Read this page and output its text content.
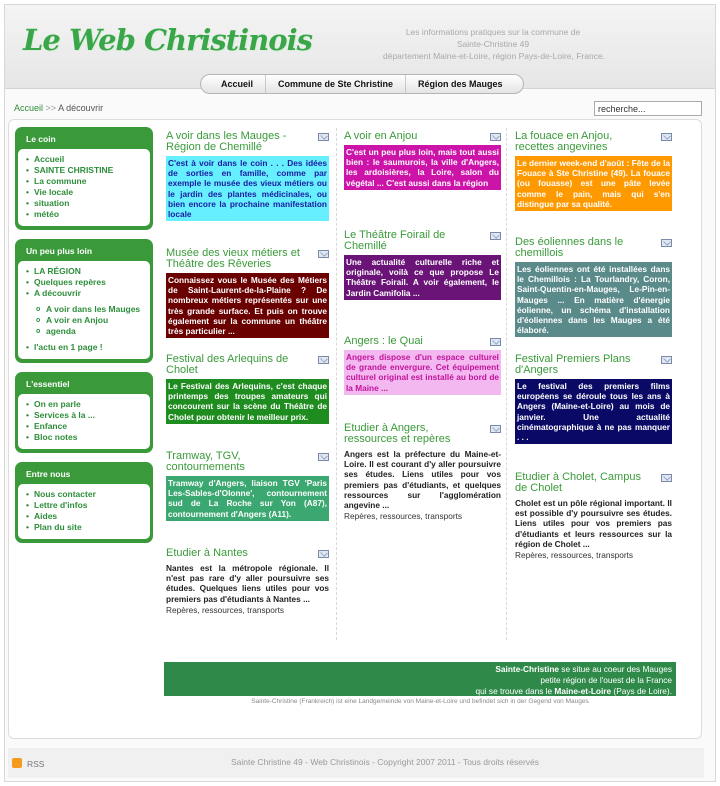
Le Web Christinois	Les informations pratiques sur la commune de
Sainte-Christine 49
département Maine-et-Loire, région Pays-de-Loire, France.
Accueil	Commune de Ste Christine	Région des Mauges
Accueil >> A découvrir
recherche...
Le coin
• Accueil
• SAINTE CHRISTINE
• La commune
• Vie locale
• situation
• météo
Un peu plus loin
• LA RÉGION
• Quelques repères
• A découvrir
o A voir dans les Mauges
o A voir en Anjou
o agenda
• l'actu en 1 page !
L'essentiel
• On en parle
• Services à la ...
• Enfance
• Bloc notes
Entre nous
• Nous contacter
• Lettre d'infos
• Aides
• Plan du site
A voir dans les Mauges - Région de Chemillé
C'est à voir dans le coin . . . Des idées de sorties en famille, comme par exemple le musée des vieux métiers ou le jardin des plantes médicinales, ou bien encore la prochaine manifestation locale
Musée des vieux métiers et Théâtre des Rêveries
Connaissez vous le Musée des Métiers de Saint-Laurent-de-la-Plaine ? De nombreux métiers représentés sur une très grande surface. Et puis on trouve également sur la commune un théâtre très particulier ...
Festival des Arlequins de Cholet
Le Festival des Arlequins, c'est chaque printemps des troupes amateurs qui concourent sur la scène du Théâtre de Cholet pour obtenir le meilleur prix.
Tramway, TGV, contournements
Tramway d'Angers, liaison TGV 'Paris Les-Sables-d'Olonne', contournement sud de La Roche sur Yon (A87), contournement d'Angers (A11).
Etudier à Nantes
Nantes est la métropole régionale. Il n'est pas rare d'y aller poursuivre ses études. Quelques liens utiles pour vos premiers pas d'étudiants à Nantes ...
Repères, ressources, transports
A voir en Anjou
C'est un peu plus loin, mais tout aussi bien : le saumurois, la ville d'Angers, les ardoisières, la Loire, salon du végétal ... C'est aussi dans la région
Le Théâtre Foirail de Chemillé
Une actualité culturelle riche et originale, voilà ce que propose Le Théâtre Foirail. A voir également, le Jardin Camifolia ...
Angers : le Quai
Angers dispose d'un espace culturel de grande envergure. Cet équipement culturel original est installé au bord de la Maine ...
Etudier à Angers, ressources et repères
Angers est la préfecture du Maine-et-Loire. Il est courant d'y aller poursuivre ses études. Liens utiles pour vos premiers pas d'étudiants, et quelques ressources sur l'agglomération angevine ...
Repères, ressources, transports
La fouace en Anjou, recettes angevines
Le dernier week-end d'août : Fête de la Fouace à Ste Christine (49). La fouace (ou fouasse) est une pâte levée comme le pain, mais qui s'en distingue par sa qualité.
Des éoliennes dans le chemillois
Les éoliennes ont été installées dans le Chemillois : La Tourlandry, Coron, Saint-Quentin-en-Mauges, Le-Pin-en-Mauges ... En matière d'énergie éolienne, un schéma d'installation d'éoliennes dans les Mauges a été élaboré.
Festival Premiers Plans d'Angers
Le festival des premiers films européens se déroule tous les ans à Angers (Maine-et-Loire) au mois de janvier. Une actualité cinématographique à ne pas manquer . . .
Etudier à Cholet, Campus de Cholet
Cholet est un pôle régional important. Il est possible d'y poursuivre ses études. Liens utiles pour vos premiers pas d'étudiants et leurs ressources sur la région de Cholet ...
Repères, ressources, transports
Sainte-Christine se situe au coeur des Mauges
petite région de l'ouest de la France
qui se trouve dans le Maine-et-Loire (Pays de Loire).
Sainte-Christine (Frankreich) ist eine Landgemeinde von Maine-et-Loire und befindet sich in der Gegend von Mauges
RSS	Sainte Christine 49 - Web Christinois - Copyright 2007 2011 - Tous droits réservés
